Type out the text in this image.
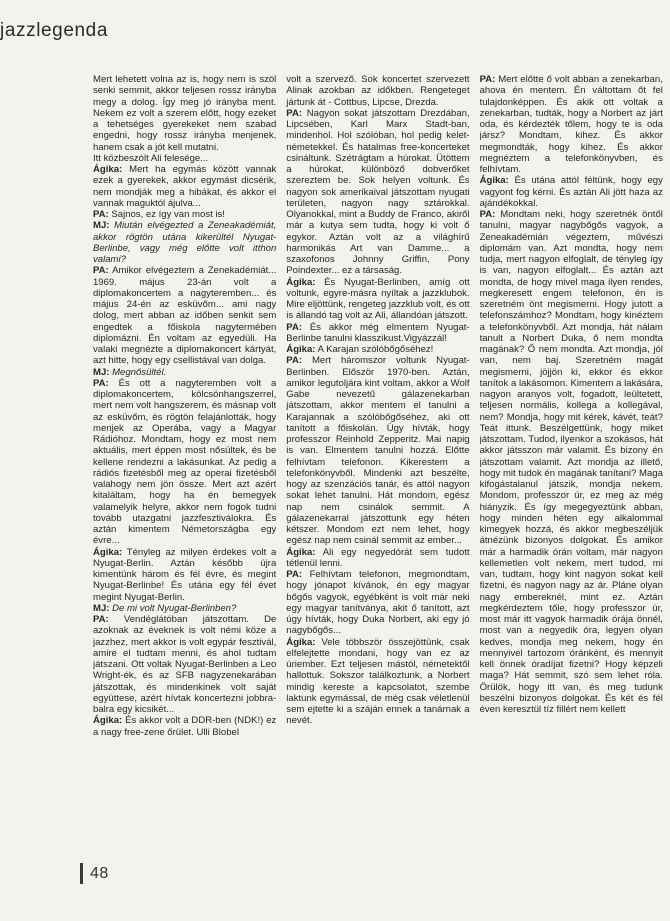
jazzlegenda

Mert lehetett volna az is, hogy nem is szól senki semmit, akkor teljesen rossz irányba megy a dolog. Így meg jó irányba ment. Nekem ez volt a szerem előtt, hogy ezeket a tehetséges gyerekeket nem szabad engedni, hogy rossz irányba menjenek, hanem csak a jót kell mutatni.

Itt közbeszólt Ali felesége...

Ágika: Mert ha egymás között vannak ezek a gyerekek, akkor egymást dicsérik, nem mondják meg a hibákat, és akkor el vannak maguktól ájulva...

PA: Sajnos, ez így van most is!

MJ: Miután elvégezted a Zeneakadémiát, akkor rögtön utána kikerültél Nyugat-Berlinbe, vagy még előtte volt itthon valami?

PA: Amikor elvégeztem a Zenekadémiát... 1969. május 23-án volt a diplomakoncertem a nagyteremben... és május 24-én az esküvőm... ami nagy dolog, mert abban az időben senkit sem engedtek a főiskola nagytermében diplomázni. Én voltam az egyedüli. Ha valaki megnézte a diplomakoncert kártyát, azt hitte, hogy egy csellistával van dolga.

MJ: Megnősültél.

PA: És ott a nagyteremben volt a diplomakoncertem, kölcsönhangszerrel, mert nem volt hangszerem, és másnap volt az esküvőm, és rögtön felajánlották, hogy menjek az Operába, vagy a Magyar Rádióhoz. Mondtam, hogy ez most nem aktuális, mert éppen most nősültek, és be kellene rendezni a lakásunkat. Az pedig a rádiós fizetésből meg az operai fizetésből valahogy nem jön össze. Mert azt azért kitaláltam, hogy ha én bemegyek valamelyik helyre, akkor nem fogok tudni tovább utazgatni jazzfesztiválokra. És aztán kimentem Németországba egy évre...

Ágika: Tényleg az milyen érdekes volt a Nyugat-Berlin. Aztán később újra kimentünk három és fél évre, és megint Nyugat-Berlinbe! És utána egy fél évet megint Nyugat-Berlin.

MJ: De mi volt Nyugat-Berlinben?

PA: Vendéglátóban játszottam. De azoknak az éveknek is volt némi köze a jazzhez, mert akkor is volt egypár fesztivál, amire el tudtam menni, és ahol tudtam játszani. Ott voltak Nyugat-Berlinben a Leo Wright-ék, és az SFB nagyzenekarában játszottak, és mindenkinek volt saját együttese, azért hívtak koncertezni jobbra-balra egy kicsikét...

Ágika: És akkor volt a DDR-ben (NDK!) ez a nagy free-zene őrület. Ulli Blobel

volt a szervező. Sok koncertet szervezett Alinak azokban az időkben. Rengeteget jártunk át - Cottbus, Lipcse, Drezda.

PA: Nagyon sokat játszottam Drezdában, Lipcsében, Karl Marx Stadt-ban, mindenhol. Hol szólóban, hol pedig kelet-németekkel. És hatalmas free-koncerteket csináltunk. Szétrágtam a húrokat. Ütöttem a húrokat, különböző dobverőket szereztem be. Sok helyen voltunk. És nagyon sok amerikaival játszottam nyugati területen, nagyon nagy sztárokkal. Olyanokkal, mint a Buddy de Franco, akiről már a kutya sem tudta, hogy ki volt ő egykor. Aztán volt az a világhírű harmonikás Art van Damme... a szaxofonos Johnny Griffin, Pony Poindexter... ez a társaság.

Ágika: És Nyugat-Berlinben, amíg ott voltunk, egyre-másra nyíltak a jazzklubok. Mire eljöttünk, rengeteg jazzklub volt, és ott is állandó tag volt az Ali, állandóan játszott.

PA: És akkor még elmentem Nyugat-Berlinbe tanulni klasszikust.Vigyázzál!

Ágika: A Karajan szólóbőgőséhez!

PA: Mert háromszor voltunk Nyugat-Berlinben. Először 1970-ben. Aztán, amikor legutoljára kint voltam, akkor a Wolf Gabe nevezetű gálazenekarban játszottam, akkor mentem el tanulni a Karajannak a szólóbőgőséhez, aki ott tanított a főiskolán. Úgy hívták, hogy professzor Reinhold Zepperitz. Mai napig is van. Elmentem tanulni hozzá. Előtte felhívtam telefonon. Kikerestem a telefonkönyvből. Mindenki azt beszélte, hogy az szenzációs tanár, és attól nagyon sokat lehet tanulni. Hát mondom, egész nap nem csinálok semmit. A gálazenekarral játszottunk egy héten kétszer. Mondom ezt nem lehet, hogy egész nap nem csinál semmit az ember...

Ágika: Ali egy negyedórát sem tudott tétlenül lenni.

PA: Felhívtam telefonon, megmondtam, hogy jónapot kívánok, én egy magyar bőgős vagyok, egyébként is volt már neki egy magyar tanítványa, akit ő tanított, azt úgy hívták, hogy Duka Norbert, aki egy jó nagybőgős...

Ágika: Vele többször összejöttünk, csak elfelejtette mondani, hogy van ez az úriember. Ezt teljesen mástól, németektől hallottuk. Sokszor találkoztunk, a Norbert mindig kereste a kapcsolatot, szembe laktunk egymással, de még csak véletlenül sem ejtette ki a száján ennek a tanárnak a nevét.

PA: Mert előtte ő volt abban a zenekarban, ahova én mentem. Én váltottam őt fel tulajdonképpen. És akik ott voltak a zenekarban, tudták, hogy a Norbert az járt oda, és kérdezték tőlem, hogy te is oda jársz? Mondtam, kihez. És akkor megmondták, hogy kihez. És akkor megnéztem a telefonkönyvben, és felhívtam.

Ágika: És utána attól féltünk, hogy egy vagyont fog kérni. És aztán Ali jött haza az ajándékokkal.

PA: Mondtam neki, hogy szeretnék öntől tanulni, magyar nagybőgős vagyok, a Zeneakadémián végeztem, művészi diplomám van. Azt mondta, hogy nem tudja, mert nagyon elfoglalt, de tényleg így is van, nagyon elfoglalt... És aztán azt mondta, de hogy mivel maga ilyen rendes, megkeresett engem telefonon, én is szeretném önt megismerni. Hogy jutott a telefonszámhoz? Mondtam, hogy kinéztem a telefonkönyvből. Azt mondja, hát nálam tanult a Norbert Duka, ő nem mondta magának? Ő nem mondta. Azt mondja, jól van, nem baj. Szeretném magát megismerni, jöjjön ki, ekkor és ekkor tanítok a lakásomon. Kimentem a lakására, nagyon aranyos volt, fogadott, leültetett, teljesen normális, kollega a kollegával, nem? Mondja, hogy mit kérek, kávét, teát? Teát ittunk. Beszélgettünk, hogy miket játszottam. Tudod, ilyenkor a szokásos, hát akkor játsszon már valamit. És bizony én játszottam valamit. Azt mondja az illető, hogy mit tudok én magának tanítani? Maga kifogástalanul játszik, mondja nekem. Mondom, professzor úr, ez meg az még hiányzik. És így megegyeztünk abban, hogy minden héten egy alkalommal kimegyek hozzá, és akkor megbeszéljük átnézünk bizonyos dolgokat. És amikor már a harmadik órán voltam, már nagyon kellemetlen volt nekem, mert tudod, mi van, tudtam, hogy kint nagyon sokat kell fizetni, és nagyon nagy az ár. Pláne olyan nagy embereknél, mint ez. Aztán megkérdeztem tőle, hogy professzor úr, most már itt vagyok harmadik órája önnél, most van a negyedik óra, legyen olyan kedves, mondja meg nekem, hogy én mennyivel tartozom óránként, és mennyit kell önnek óradíjat fizetni? Hogy képzeli maga? Hát semmit, szó sem lehet róla. Örülök, hogy itt van, és meg tudunk beszélni bizonyos dolgokat. És két és fél éven keresztül tíz fillért nem kellett

48
